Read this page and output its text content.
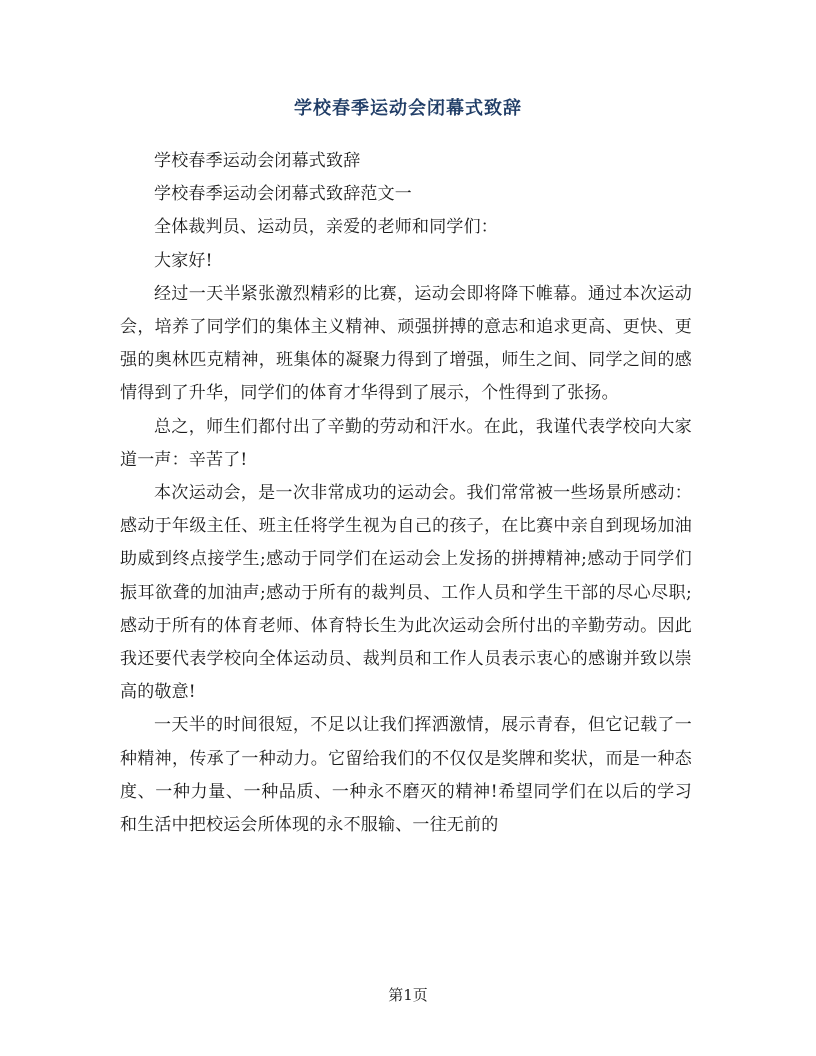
学校春季运动会闭幕式致辞

学校春季运动会闭幕式致辞

学校春季运动会闭幕式致辞范文一

全体裁判员、运动员，亲爱的老师和同学们：

大家好!

经过一天半紧张激烈精彩的比赛，运动会即将降下帷幕。通过本次运动会，培养了同学们的集体主义精神、顽强拼搏的意志和追求更高、更快、更强的奥林匹克精神，班集体的凝聚力得到了增强，师生之间、同学之间的感情得到了升华，同学们的体育才华得到了展示，个性得到了张扬。

总之，师生们都付出了辛勤的劳动和汗水。在此，我谨代表学校向大家道一声：辛苦了!

本次运动会，是一次非常成功的运动会。我们常常被一些场景所感动：感动于年级主任、班主任将学生视为自己的孩子，在比赛中亲自到现场加油助威到终点接学生;感动于同学们在运动会上发扬的拼搏精神;感动于同学们振耳欲聋的加油声;感动于所有的裁判员、工作人员和学生干部的尽心尽职;感动于所有的体育老师、体育特长生为此次运动会所付出的辛勤劳动。因此我还要代表学校向全体运动员、裁判员和工作人员表示衷心的感谢并致以崇高的敬意!

一天半的时间很短，不足以让我们挥洒激情，展示青春，但它记载了一种精神，传承了一种动力。它留给我们的不仅仅是奖牌和奖状，而是一种态度、一种力量、一种品质、一种永不磨灭的精神!希望同学们在以后的学习和生活中把校运会所体现的永不服输、一往无前的

第1页
